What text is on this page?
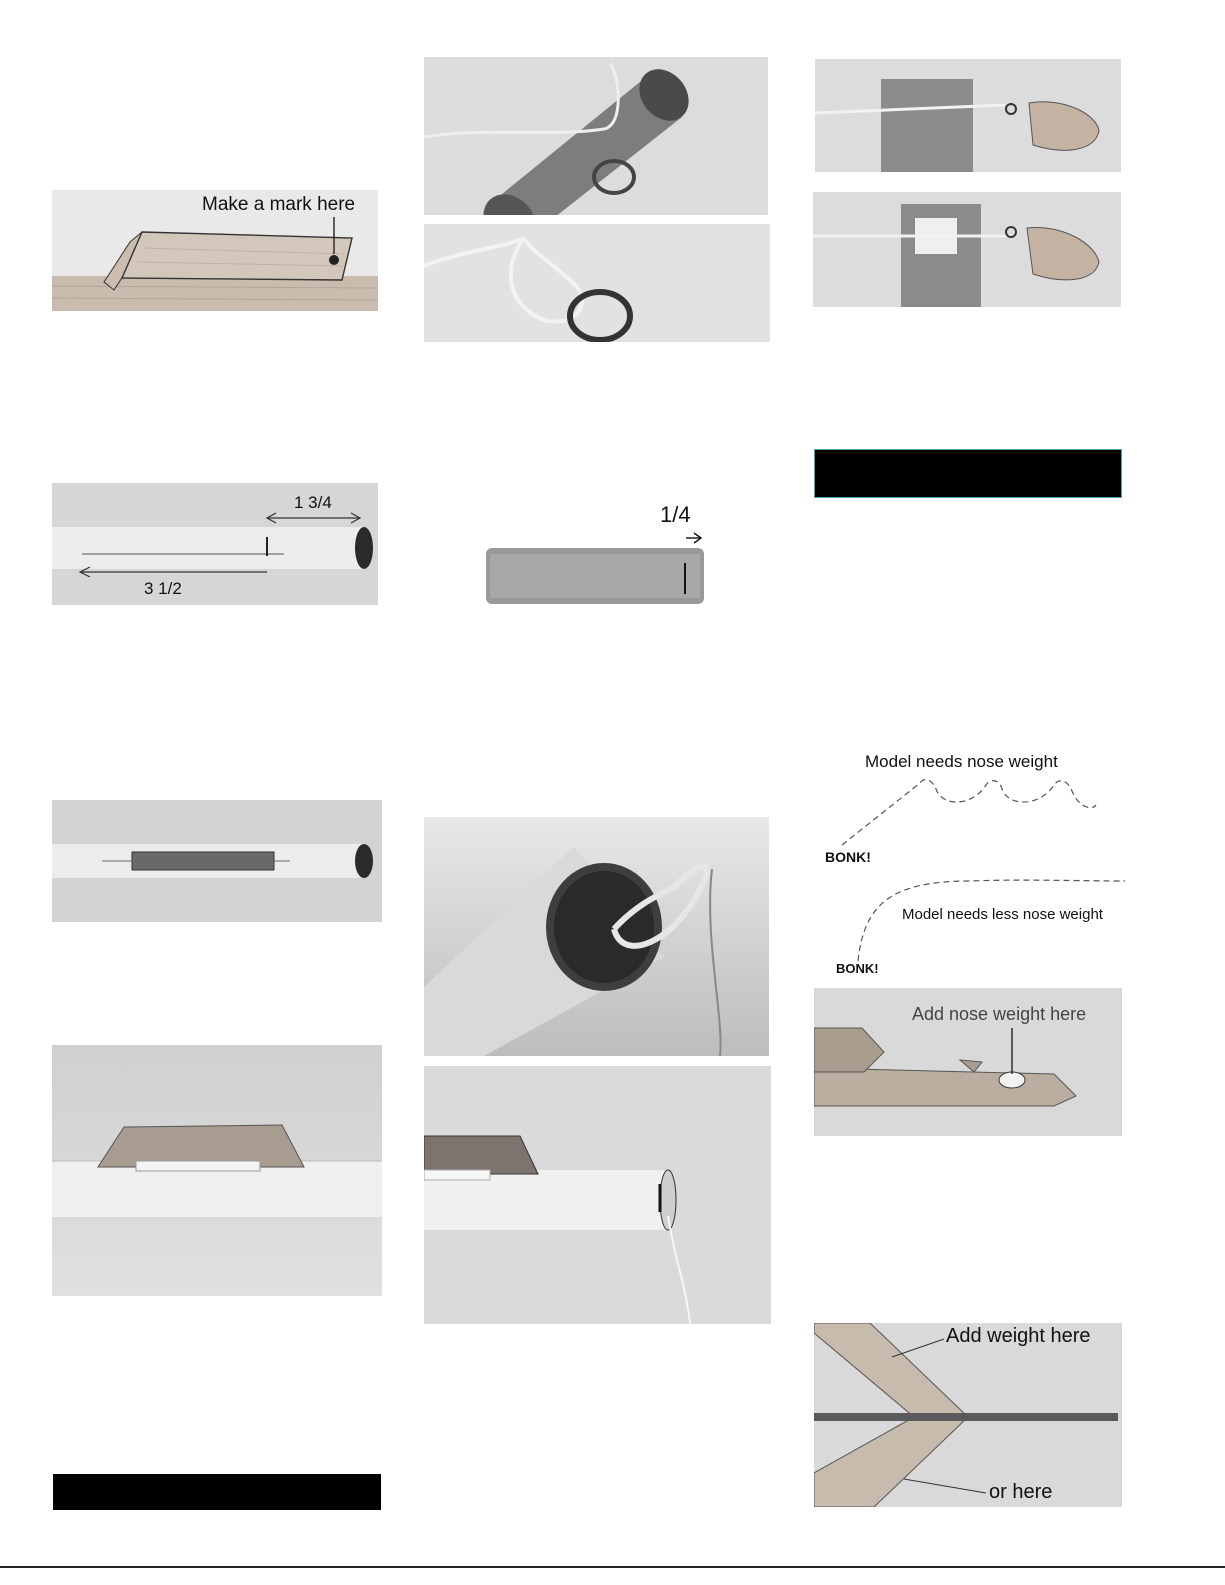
Make a mark here
1 3/4
3 1/2
1/4
Model needs nose weight
BONK!
Model needs less nose weight
BONK!
Add nose weight here
Add weight here
or here
